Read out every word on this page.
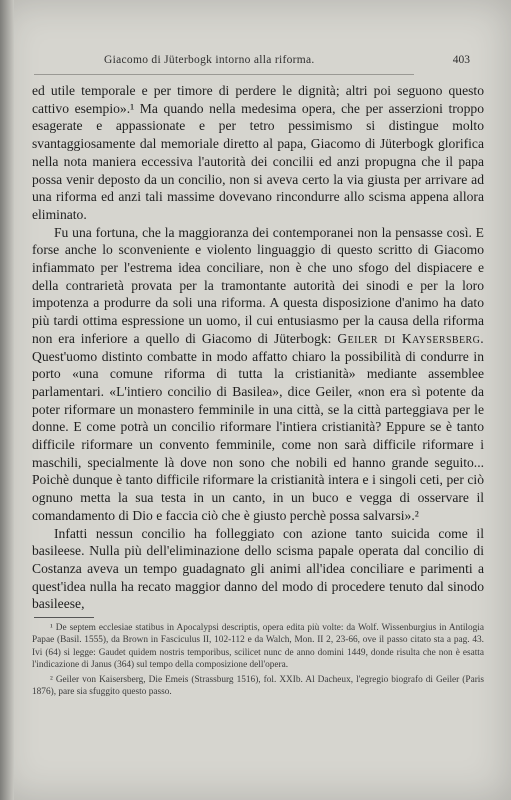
Giacomo di Jüterbogk intorno alla riforma.	403

ed utile temporale e per timore di perdere le dignità; altri poi seguono questo cattivo esempio».¹ Ma quando nella medesima opera, che per asserzioni troppo esagerate e appassionate e per tetro pessimismo si distingue molto svantaggiosamente dal memoriale diretto al papa, Giacomo di Jüterbogk glorifica nella nota maniera eccessiva l'autorità dei concilii ed anzi propugna che il papa possa venir deposto da un concilio, non si aveva certo la via giusta per arrivare ad una riforma ed anzi tali massime dovevano rincondurre allo scisma appena allora eliminato.

Fu una fortuna, che la maggioranza dei contemporanei non la pensasse così. E forse anche lo sconveniente e violento linguaggio di questo scritto di Giacomo infiammato per l'estrema idea conciliare, non è che uno sfogo del dispiacere e della contrarietà provata per la tramontante autorità dei sinodi e per la loro impotenza a produrre da soli una riforma. A questa disposizione d'animo ha dato più tardi ottima espressione un uomo, il cui entusiasmo per la causa della riforma non era inferiore a quello di Giacomo di Jüterbogk: Geiler di Kaysersberg. Quest'uomo distinto combatte in modo affatto chiaro la possibilità di condurre in porto «una comune riforma di tutta la cristianità» mediante assemblee parlamentari. «L'intiero concilio di Basilea», dice Geiler, «non era sì potente da poter riformare un monastero femminile in una città, se la città parteggiava per le donne. E come potrà un concilio riformare l'intiera cristianità? Eppure se è tanto difficile riformare un convento femminile, come non sarà difficile riformare i maschili, specialmente là dove non sono che nobili ed hanno grande seguito... Poichè dunque è tanto difficile riformare la cristianità intera e i singoli ceti, per ciò ognuno metta la sua testa in un canto, in un buco e vegga di osservare il comandamento di Dio e faccia ciò che è giusto perchè possa salvarsi».²

Infatti nessun concilio ha folleggiato con azione tanto suicida come il basileese. Nulla più dell'eliminazione dello scisma papale operata dal concilio di Costanza aveva un tempo guadagnato gli animi all'idea conciliare e parimenti a quest'idea nulla ha recato maggior danno del modo di procedere tenuto dal sinodo basileese,

¹ De septem ecclesiae statibus in Apocalypsi descriptis, opera edita più volte: da Wolf. Wissenburgius in Antilogia Papae (Basil. 1555), da Brown in Fasciculus II, 102-112 e da Walch, Mon. II 2, 23-66, ove il passo citato sta a pag. 43. Ivi (64) si legge: Gaudet quidem nostris temporibus, scilicet nunc de anno domini 1449, donde risulta che non è esatta l'indicazione di Janus (364) sul tempo della composizione dell'opera.

² Geiler von Kaisersberg, Die Emeis (Strassburg 1516), fol. XXIb. Al Dacheux, l'egregio biografo di Geiler (Paris 1876), pare sia sfuggito questo passo.
